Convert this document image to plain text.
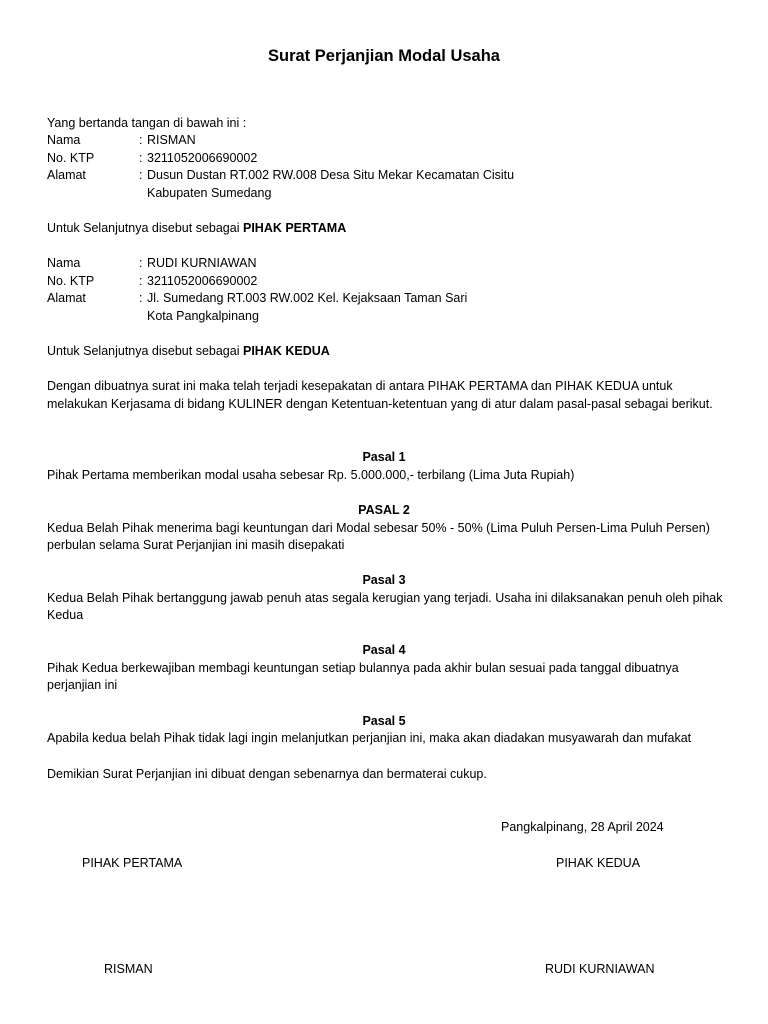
Surat Perjanjian Modal Usaha
Yang bertanda tangan di bawah ini :
Nama	: RISMAN
No. KTP	: 3211052006690002
Alamat	: Dusun Dustan RT.002 RW.008 Desa Situ Mekar Kecamatan Cisitu
Kabupaten Sumedang
Untuk Selanjutnya disebut sebagai PIHAK PERTAMA
Nama	: RUDI KURNIAWAN
No. KTP	: 3211052006690002
Alamat	: Jl. Sumedang RT.003 RW.002 Kel. Kejaksaan Taman Sari
Kota Pangkalpinang
Untuk Selanjutnya disebut sebagai PIHAK KEDUA
Dengan dibuatnya surat ini maka telah terjadi kesepakatan di antara PIHAK PERTAMA dan PIHAK KEDUA untuk melakukan Kerjasama di bidang KULINER dengan Ketentuan-ketentuan yang di atur dalam pasal-pasal sebagai berikut.
Pasal 1
Pihak Pertama memberikan modal usaha sebesar Rp. 5.000.000,- terbilang (Lima Juta Rupiah)
PASAL 2
Kedua Belah Pihak menerima bagi keuntungan dari Modal sebesar 50% - 50% (Lima Puluh Persen-Lima Puluh Persen) perbulan selama Surat Perjanjian ini masih disepakati
Pasal 3
Kedua Belah Pihak bertanggung jawab penuh atas segala kerugian yang terjadi. Usaha ini dilaksanakan penuh oleh pihak Kedua
Pasal 4
Pihak Kedua berkewajiban membagi keuntungan setiap bulannya pada akhir bulan sesuai pada tanggal dibuatnya perjanjian ini
Pasal 5
Apabila kedua belah Pihak tidak lagi ingin melanjutkan perjanjian ini, maka akan diadakan musyawarah dan mufakat
Demikian Surat Perjanjian ini dibuat dengan sebenarnya dan bermaterai cukup.
Pangkalpinang, 28 April 2024
PIHAK PERTAMA	PIHAK KEDUA
RISMAN	RUDI KURNIAWAN
